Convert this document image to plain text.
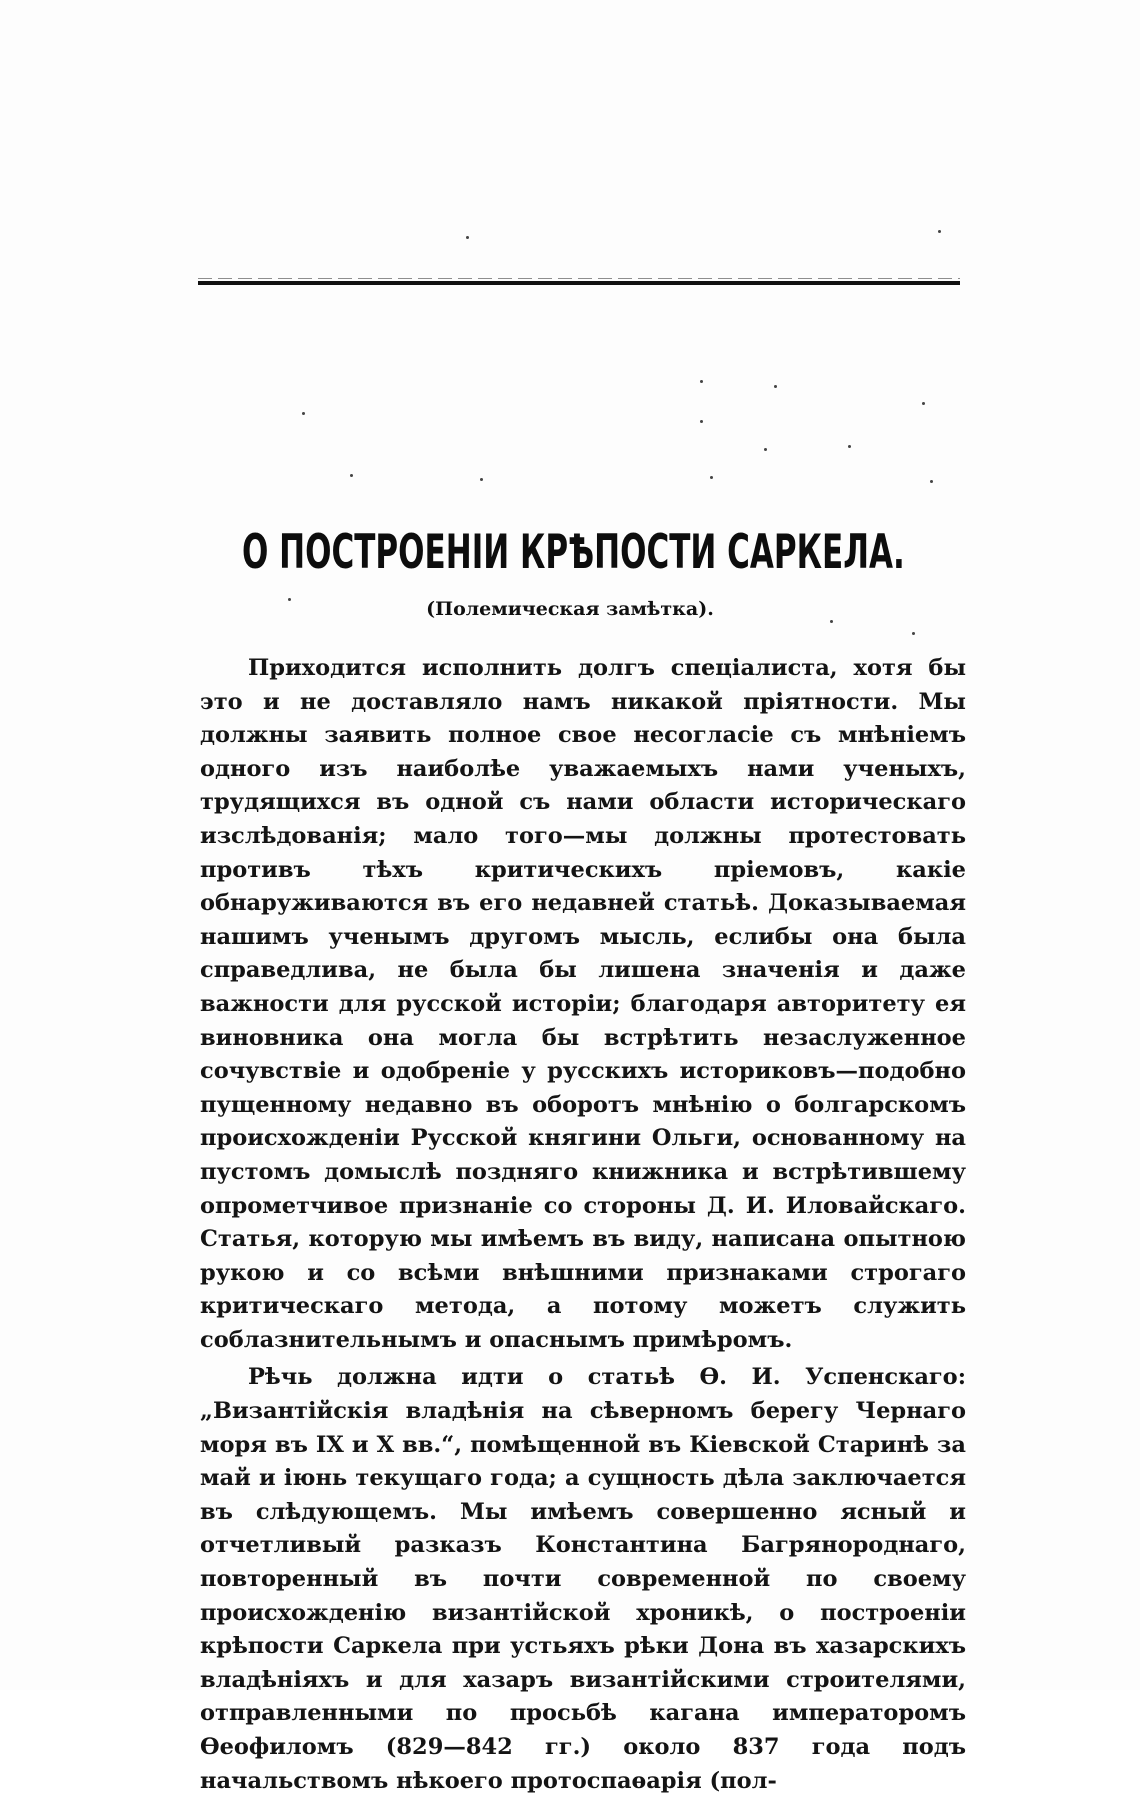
О ПОСТРОЕНІИ КРѢПОСТИ САРКЕЛА.
(Полемическая замѣтка).

Приходится исполнить долгъ спеціалиста, хотя бы это и не доставляло намъ никакой пріятности. Мы должны заявить полное свое несогласіе съ мнѣніемъ одного изъ наиболѣе уважаемыхъ нами ученыхъ, трудящихся въ одной съ нами области историческаго изслѣдованія; мало того—мы должны протестовать противъ тѣхъ критическихъ пріемовъ, какіе обнаруживаются въ его недавней статьѣ. Доказываемая нашимъ ученымъ другомъ мысль, еслибы она была справедлива, не была бы лишена значенія и даже важности для русской исторіи; благодаря авторитету ея виновника она могла бы встрѣтить незаслуженное сочувствіе и одобреніе у русскихъ историковъ—подобно пущенному недавно въ оборотъ мнѣнію о болгарскомъ происхожденіи Русской княгини Ольги, основанному на пустомъ домыслѣ поздняго книжника и встрѣтившему опрометчивое признаніе со стороны Д. И. Иловайскаго. Статья, которую мы имѣемъ въ виду, написана опытною рукою и со всѣми внѣшними признаками строгаго критическаго метода, а потому можетъ служить соблазнительнымъ и опаснымъ примѣромъ.

Рѣчь должна идти о статьѣ Ѳ. И. Успенскаго: „Византійскія владѣнія на сѣверномъ берегу Чернаго моря въ IX и X вв.“, помѣщенной въ Кіевской Старинѣ за май и іюнь текущаго года; а сущность дѣла заключается въ слѣдующемъ. Мы имѣемъ совершенно ясный и отчетливый разказъ Константина Багрянороднаго, повторенный въ почти современной по своему происхожденію византійской хроникѣ, о построеніи крѣпости Саркела при устьяхъ рѣки Дона въ хазарскихъ владѣніяхъ и для хазаръ византійскими строителями, отправленными по просьбѣ кагана императоромъ Ѳеофиломъ (829—842 гг.) около 837 года подъ начальствомъ нѣкоего протоспаѳарія (пол-
